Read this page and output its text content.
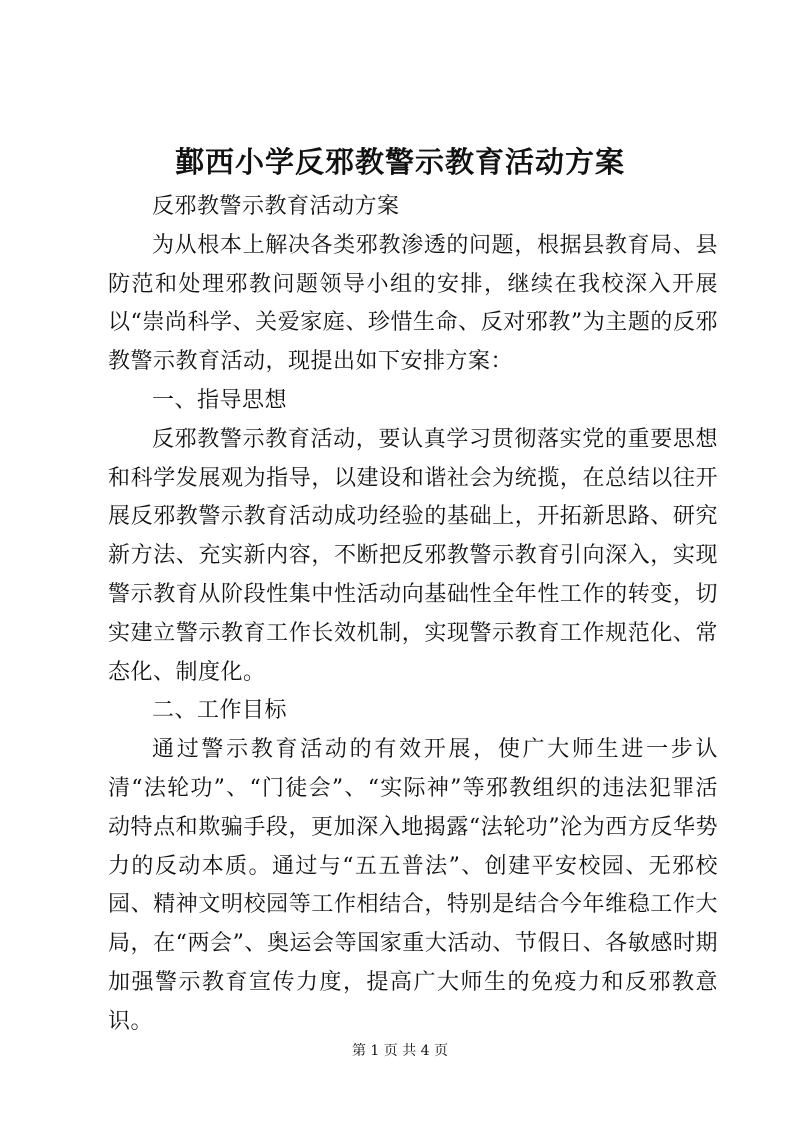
鄞西小学反邪教警示教育活动方案

反邪教警示教育活动方案

为从根本上解决各类邪教渗透的问题，根据县教育局、县防范和处理邪教问题领导小组的安排，继续在我校深入开展以“崇尚科学、关爱家庭、珍惜生命、反对邪教”为主题的反邪教警示教育活动，现提出如下安排方案：

一、指导思想

反邪教警示教育活动，要认真学习贯彻落实党的重要思想和科学发展观为指导，以建设和谐社会为统揽，在总结以往开展反邪教警示教育活动成功经验的基础上，开拓新思路、研究新方法、充实新内容，不断把反邪教警示教育引向深入，实现警示教育从阶段性集中性活动向基础性全年性工作的转变，切实建立警示教育工作长效机制，实现警示教育工作规范化、常态化、制度化。

二、工作目标

通过警示教育活动的有效开展，使广大师生进一步认清“法轮功”、“门徒会”、“实际神”等邪教组织的违法犯罪活动特点和欺骗手段，更加深入地揭露“法轮功”沦为西方反华势力的反动本质。通过与“五五普法”、创建平安校园、无邪校园、精神文明校园等工作相结合，特别是结合今年维稳工作大局，在“两会”、奥运会等国家重大活动、节假日、各敏感时期加强警示教育宣传力度，提高广大师生的免疫力和反邪教意识。

第 1 页 共 4 页
